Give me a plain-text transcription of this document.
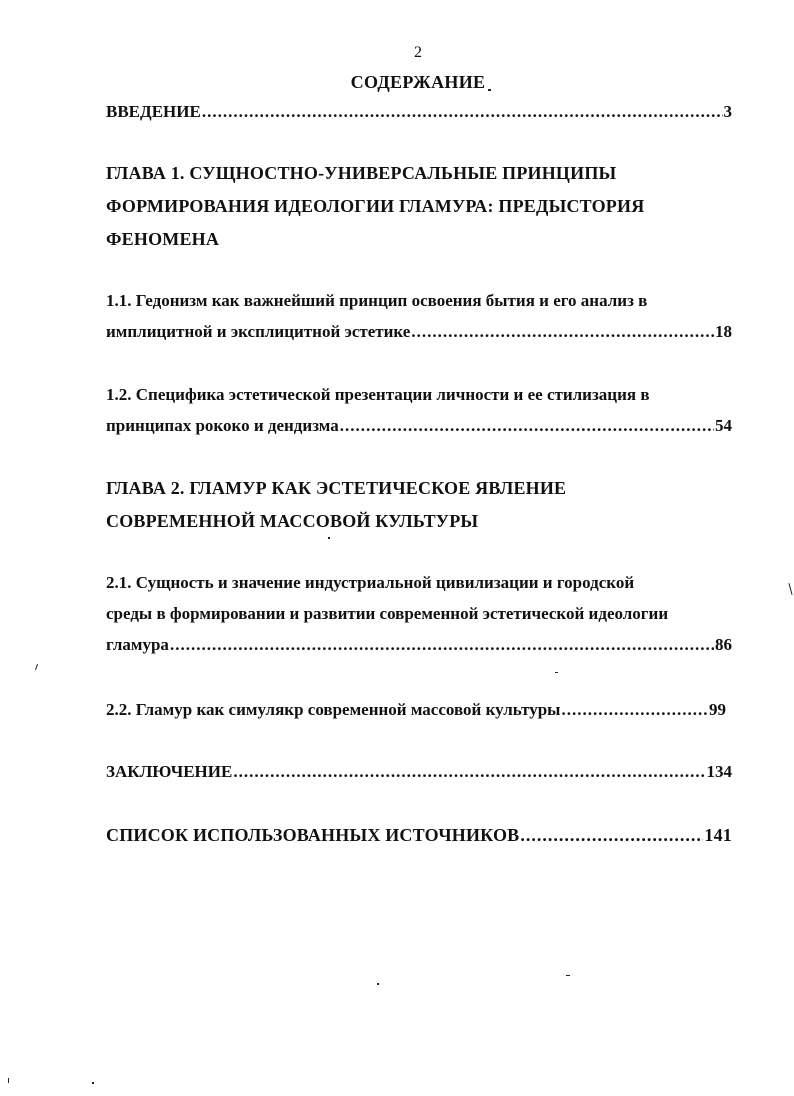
2
СОДЕРЖАНИЕ
ВВЕДЕНИЕ .....	3
ГЛАВА 1. СУЩНОСТНО-УНИВЕРСАЛЬНЫЕ ПРИНЦИПЫ
ФОРМИРОВАНИЯ ИДЕОЛОГИИ ГЛАМУРА: ПРЕДЫСТОРИЯ
ФЕНОМЕНА
1.1. Гедонизм как важнейший принцип освоения бытия и его анализ в
имплицитной и эксплицитной эстетике .....	18
1.2. Специфика эстетической презентации личности и ее стилизация в
принципах рококо и дендизма .....	54
ГЛАВА 2. ГЛАМУР КАК ЭСТЕТИЧЕСКОЕ ЯВЛЕНИЕ
СОВРЕМЕННОЙ МАССОВОЙ КУЛЬТУРЫ
2.1. Сущность и значение индустриальной цивилизации и городской
среды в формировании и развитии современной эстетической идеологии
гламура .....	86
2.2. Гламур как симулякр современной массовой культуры .....	99
ЗАКЛЮЧЕНИЕ .....	134
СПИСОК ИСПОЛЬЗОВАННЫХ ИСТОЧНИКОВ .....	141
